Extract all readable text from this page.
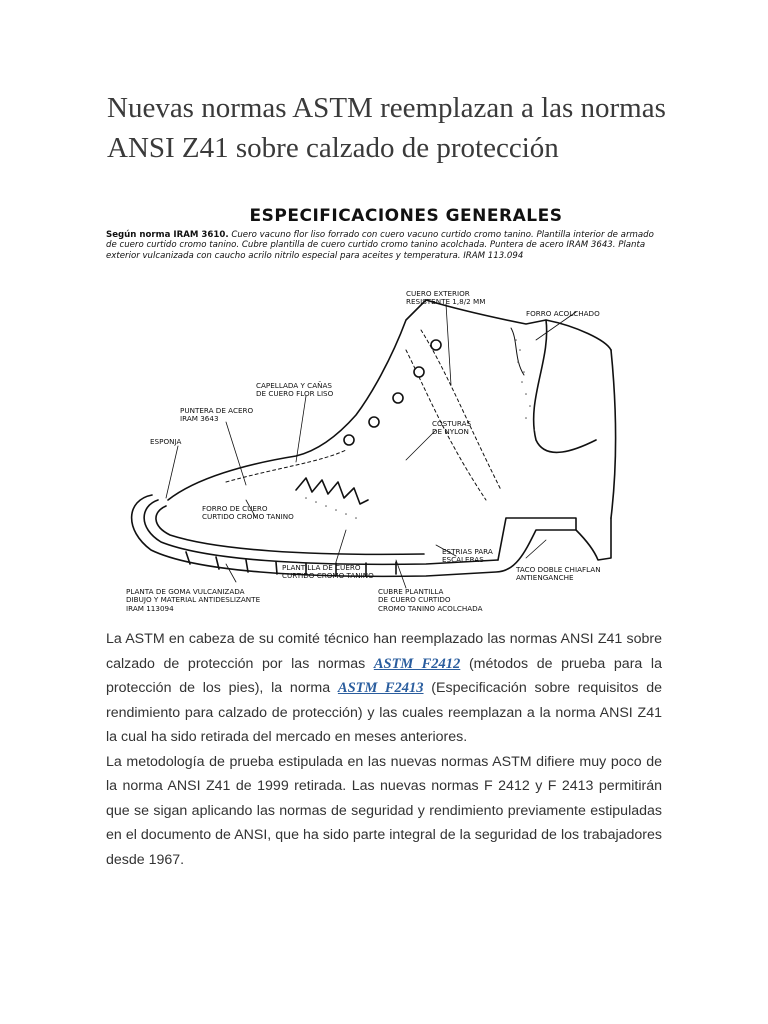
Nuevas normas ASTM reemplazan a las normas ANSI Z41 sobre calzado de protección
ESPECIFICACIONES GENERALES
Según norma IRAM 3610. Cuero vacuno flor liso forrado con cuero vacuno curtido cromo tanino. Plantilla interior de armado de cuero curtido cromo tanino. Cubre plantilla de cuero curtido cromo tanino acolchada. Puntera de acero IRAM 3643. Planta exterior vulcanizada con caucho acrilo nitrilo especial para aceites y temperatura. IRAM 113.094
CUERO EXTERIOR
RESISTENTE 1,8/2 MM
FORRO ACOLCHADO
CAPELLADA Y CAÑAS
DE CUERO FLOR LISO
PUNTERA DE ACERO
IRAM 3643
ESPONJA
COSTURAS
DE NYLON
FORRO DE CUERO
CURTIDO CROMO TANINO
PLANTILLA DE CUERO
CURTIDO CROMO TANINO
ESTRIAS PARA
ESCALERAS
TACO DOBLE CHIAFLAN
ANTIENGANCHE
PLANTA DE GOMA VULCANIZADA
DIBUJO Y MATERIAL ANTIDESLIZANTE
IRAM 113094
CUBRE PLANTILLA
DE CUERO CURTIDO
CROMO TANINO ACOLCHADA

La ASTM en cabeza de su comité técnico han reemplazado las normas ANSI Z41 sobre calzado de protección por las normas ASTM F2412 (métodos de prueba para la protección de los pies), la norma ASTM F2413 (Especificación sobre requisitos de rendimiento para calzado de protección) y las cuales reemplazan a la norma ANSI Z41 la cual ha sido retirada del mercado en meses anteriores.

La metodología de prueba estipulada en las nuevas normas ASTM difiere muy poco de la norma ANSI Z41 de 1999 retirada. Las nuevas normas F 2412 y F 2413 permitirán que se sigan aplicando las normas de seguridad y rendimiento previamente estipuladas en el documento de ANSI, que ha sido parte integral de la seguridad de los trabajadores desde 1967.
